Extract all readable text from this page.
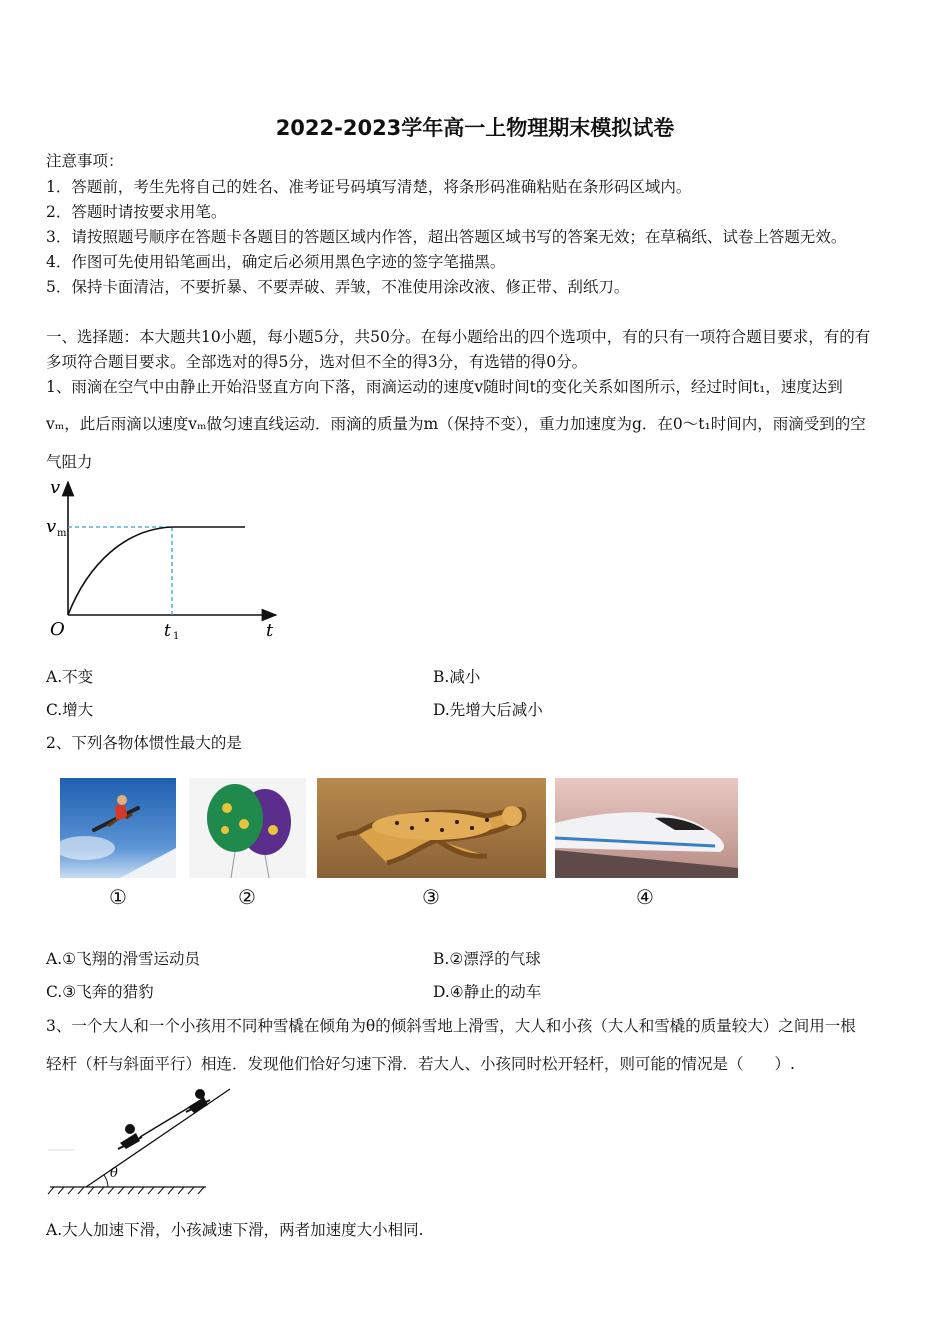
2022-2023学年高一上物理期末模拟试卷
注意事项：
1．答题前，考生先将自己的姓名、准考证号码填写清楚，将条形码准确粘贴在条形码区域内。
2．答题时请按要求用笔。
3．请按照题号顺序在答题卡各题目的答题区域内作答，超出答题区域书写的答案无效；在草稿纸、试卷上答题无效。
4．作图可先使用铅笔画出，确定后必须用黑色字迹的签字笔描黑。
5．保持卡面清洁，不要折暴、不要弄破、弄皱，不准使用涂改液、修正带、刮纸刀。
一、选择题：本大题共10小题，每小题5分，共50分。在每小题给出的四个选项中，有的只有一项符合题目要求，有的有
多项符合题目要求。全部选对的得5分，选对但不全的得3分，有选错的得0分。
1、雨滴在空气中由静止开始沿竖直方向下落，雨滴运动的速度v随时间t的变化关系如图所示，经过时间t₁，速度达到
vₘ，此后雨滴以速度vₘ做匀速直线运动．雨滴的质量为m（保持不变），重力加速度为g．在0～t₁时间内，雨滴受到的空
气阻力
v
v m
O	t 1	t
A.不变	B.减小
C.增大	D.先增大后减小
2、下列各物体惯性最大的是
①	②	③	④
A.①飞翔的滑雪运动员	B.②漂浮的气球
C.③飞奔的猎豹	D.④静止的动车
3、一个大人和一个小孩用不同种雪橇在倾角为θ的倾斜雪地上滑雪，大人和小孩（大人和雪橇的质量较大）之间用一根
轻杆（杆与斜面平行）相连．发现他们恰好匀速下滑．若大人、小孩同时松开轻杆，则可能的情况是（　　）.
θ
A.大人加速下滑，小孩减速下滑，两者加速度大小相同.
